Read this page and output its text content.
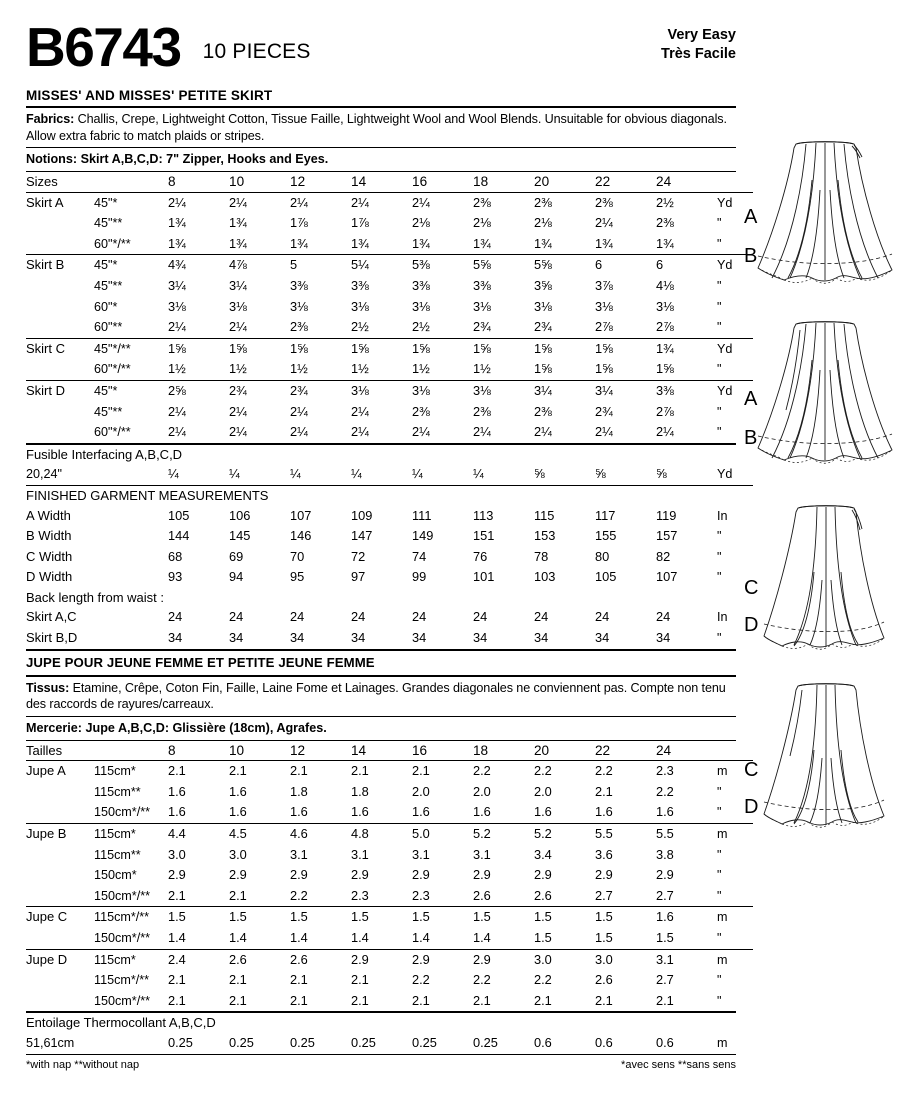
B6743 10 PIECES
Very Easy
Très Facile
MISSES' AND MISSES' PETITE SKIRT
Fabrics: Challis, Crepe, Lightweight Cotton, Tissue Faille, Lightweight Wool and Wool Blends. Unsuitable for obvious diagonals. Allow extra fabric to match plaids or stripes.
Notions: Skirt A,B,C,D: 7" Zipper, Hooks and Eyes.
Sizes		8	10	12	14	16	18	20	22	24	
Skirt A	45"*	2¼	2¼	2¼	2¼	2¼	2⅜	2⅜	2⅜	2½	Yd
	45"**	1¾	1¾	1⅞	1⅞	2⅛	2⅛	2⅛	2¼	2⅜	"
	60"*/**	1¾	1¾	1¾	1¾	1¾	1¾	1¾	1¾	1¾	"
Skirt B	45"*	4¾	4⅞	5	5¼	5⅜	5⅝	5⅝	6	6	Yd
	45"**	3¼	3¼	3⅜	3⅜	3⅜	3⅜	3⅝	3⅞	4⅛	"
	60"*	3⅛	3⅛	3⅛	3⅛	3⅛	3⅛	3⅛	3⅛	3⅛	"
	60"**	2¼	2¼	2⅜	2½	2½	2¾	2¾	2⅞	2⅞	"
Skirt C	45"*/**	1⅝	1⅝	1⅝	1⅝	1⅝	1⅝	1⅝	1⅝	1¾	Yd
	60"*/**	1½	1½	1½	1½	1½	1½	1⅝	1⅝	1⅝	"
Skirt D	45"*	2⅝	2¾	2¾	3⅛	3⅛	3⅛	3¼	3¼	3⅜	Yd
	45"**	2¼	2¼	2¼	2¼	2⅜	2⅜	2⅜	2¾	2⅞	"
	60"*/**	2¼	2¼	2¼	2¼	2¼	2¼	2¼	2¼	2¼	"
Fusible Interfacing A,B,C,D										
20,24"	¼	¼	¼	¼	¼	¼	⅝	⅝	⅝	Yd
FINISHED GARMENT MEASUREMENTS										
A Width	105	106	107	109	111	113	115	117	119	In
B Width	144	145	146	147	149	151	153	155	157	"
C Width	68	69	70	72	74	76	78	80	82	"
D Width	93	94	95	97	99	101	103	105	107	"
Back length from waist :										
Skirt A,C	24	24	24	24	24	24	24	24	24	In
Skirt B,D	34	34	34	34	34	34	34	34	34	"
JUPE POUR JEUNE FEMME ET PETITE JEUNE FEMME
Tissus: Etamine, Crêpe, Coton Fin, Faille, Laine Fome et Lainages. Grandes diagonales ne conviennent pas. Compte non tenu des raccords de rayures/carreaux.
Mercerie: Jupe A,B,C,D: Glissière (18cm), Agrafes.
Tailles		8	10	12	14	16	18	20	22	24	
Jupe A	115cm*	2.1	2.1	2.1	2.1	2.1	2.2	2.2	2.2	2.3	m
	115cm**	1.6	1.6	1.8	1.8	2.0	2.0	2.0	2.1	2.2	"
	150cm*/**	1.6	1.6	1.6	1.6	1.6	1.6	1.6	1.6	1.6	"
Jupe B	115cm*	4.4	4.5	4.6	4.8	5.0	5.2	5.2	5.5	5.5	m
	115cm**	3.0	3.0	3.1	3.1	3.1	3.1	3.4	3.6	3.8	"
	150cm*	2.9	2.9	2.9	2.9	2.9	2.9	2.9	2.9	2.9	"
	150cm*/**	2.1	2.1	2.2	2.3	2.3	2.6	2.6	2.7	2.7	"
Jupe C	115cm*/**	1.5	1.5	1.5	1.5	1.5	1.5	1.5	1.5	1.6	m
	150cm*/**	1.4	1.4	1.4	1.4	1.4	1.4	1.5	1.5	1.5	"
Jupe D	115cm*	2.4	2.6	2.6	2.9	2.9	2.9	3.0	3.0	3.1	m
	115cm*/**	2.1	2.1	2.1	2.1	2.2	2.2	2.2	2.6	2.7	"
	150cm*/**	2.1	2.1	2.1	2.1	2.1	2.1	2.1	2.1	2.1	"
Entoilage Thermocollant A,B,C,D
51,61cm	0.25	0.25	0.25	0.25	0.25	0.25	0.6	0.6	0.6	m
*with nap **without nap	*avec sens **sans sens
A
B
A
B
C
D
C
D
